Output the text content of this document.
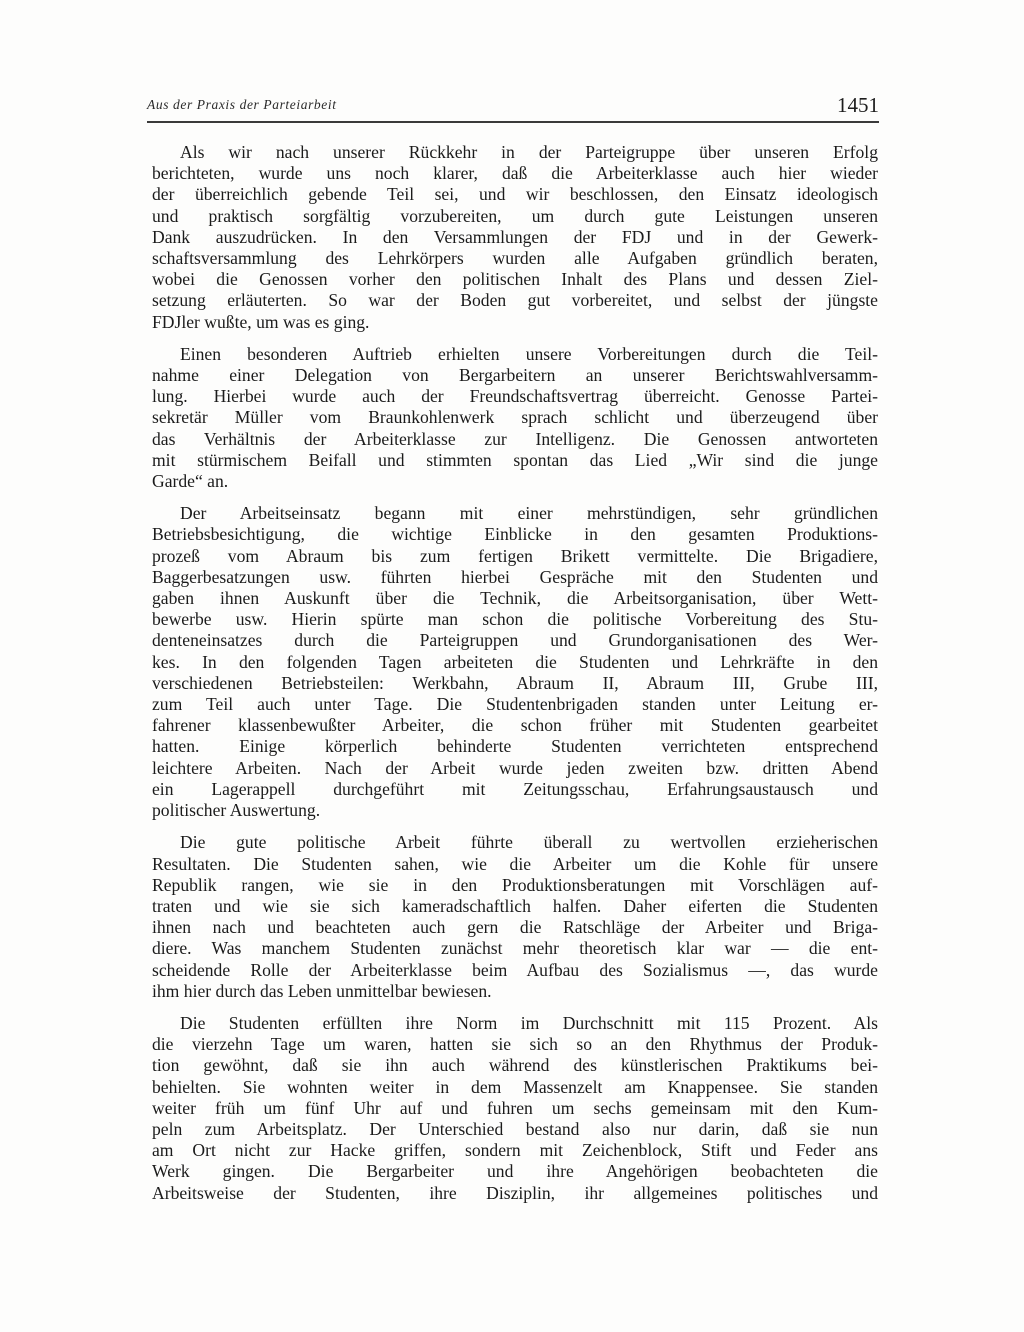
Aus der Praxis der Parteiarbeit	1451
Als wir nach unserer Rückkehr in der Parteigruppe über unseren Erfolg
berichteten, wurde uns noch klarer, daß die Arbeiterklasse auch hier wieder
der überreichlich gebende Teil sei, und wir beschlossen, den Einsatz ideologisch
und praktisch sorgfältig vorzubereiten, um durch gute Leistungen unseren
Dank auszudrücken. In den Versammlungen der FDJ und in der Gewerk-
schaftsversammlung des Lehrkörpers wurden alle Aufgaben gründlich beraten,
wobei die Genossen vorher den politischen Inhalt des Plans und dessen Ziel-
setzung erläuterten. So war der Boden gut vorbereitet, und selbst der jüngste
FDJler wußte, um was es ging.
Einen besonderen Auftrieb erhielten unsere Vorbereitungen durch die Teil-
nahme einer Delegation von Bergarbeitern an unserer Berichtswahlversamm-
lung. Hierbei wurde auch der Freundschaftsvertrag überreicht. Genosse Partei-
sekretär Müller vom Braunkohlenwerk sprach schlicht und überzeugend über
das Verhältnis der Arbeiterklasse zur Intelligenz. Die Genossen antworteten
mit stürmischem Beifall und stimmten spontan das Lied „Wir sind die junge
Garde“ an.
Der Arbeitseinsatz begann mit einer mehrstündigen, sehr gründlichen
Betriebsbesichtigung, die wichtige Einblicke in den gesamten Produktions-
prozeß vom Abraum bis zum fertigen Brikett vermittelte. Die Brigadiere,
Baggerbesatzungen usw. führten hierbei Gespräche mit den Studenten und
gaben ihnen Auskunft über die Technik, die Arbeitsorganisation, über Wett-
bewerbe usw. Hierin spürte man schon die politische Vorbereitung des Stu-
denteneinsatzes durch die Parteigruppen und Grundorganisationen des Wer-
kes. In den folgenden Tagen arbeiteten die Studenten und Lehrkräfte in den
verschiedenen Betriebsteilen: Werkbahn, Abraum II, Abraum III, Grube III,
zum Teil auch unter Tage. Die Studentenbrigaden standen unter Leitung er-
fahrener klassenbewußter Arbeiter, die schon früher mit Studenten gearbeitet
hatten. Einige körperlich behinderte Studenten verrichteten entsprechend
leichtere Arbeiten. Nach der Arbeit wurde jeden zweiten bzw. dritten Abend
ein Lagerappell durchgeführt mit Zeitungsschau, Erfahrungsaustausch und
politischer Auswertung.
Die gute politische Arbeit führte überall zu wertvollen erzieherischen
Resultaten. Die Studenten sahen, wie die Arbeiter um die Kohle für unsere
Republik rangen, wie sie in den Produktionsberatungen mit Vorschlägen auf-
traten und wie sie sich kameradschaftlich halfen. Daher eiferten die Studenten
ihnen nach und beachteten auch gern die Ratschläge der Arbeiter und Briga-
diere. Was manchem Studenten zunächst mehr theoretisch klar war — die ent-
scheidende Rolle der Arbeiterklasse beim Aufbau des Sozialismus —, das wurde
ihm hier durch das Leben unmittelbar bewiesen.
Die Studenten erfüllten ihre Norm im Durchschnitt mit 115 Prozent. Als
die vierzehn Tage um waren, hatten sie sich so an den Rhythmus der Produk-
tion gewöhnt, daß sie ihn auch während des künstlerischen Praktikums bei-
behielten. Sie wohnten weiter in dem Massenzelt am Knappensee. Sie standen
weiter früh um fünf Uhr auf und fuhren um sechs gemeinsam mit den Kum-
peln zum Arbeitsplatz. Der Unterschied bestand also nur darin, daß sie nun
am Ort nicht zur Hacke griffen, sondern mit Zeichenblock, Stift und Feder ans
Werk gingen. Die Bergarbeiter und ihre Angehörigen beobachteten die
Arbeitsweise der Studenten, ihre Disziplin, ihr allgemeines politisches und
